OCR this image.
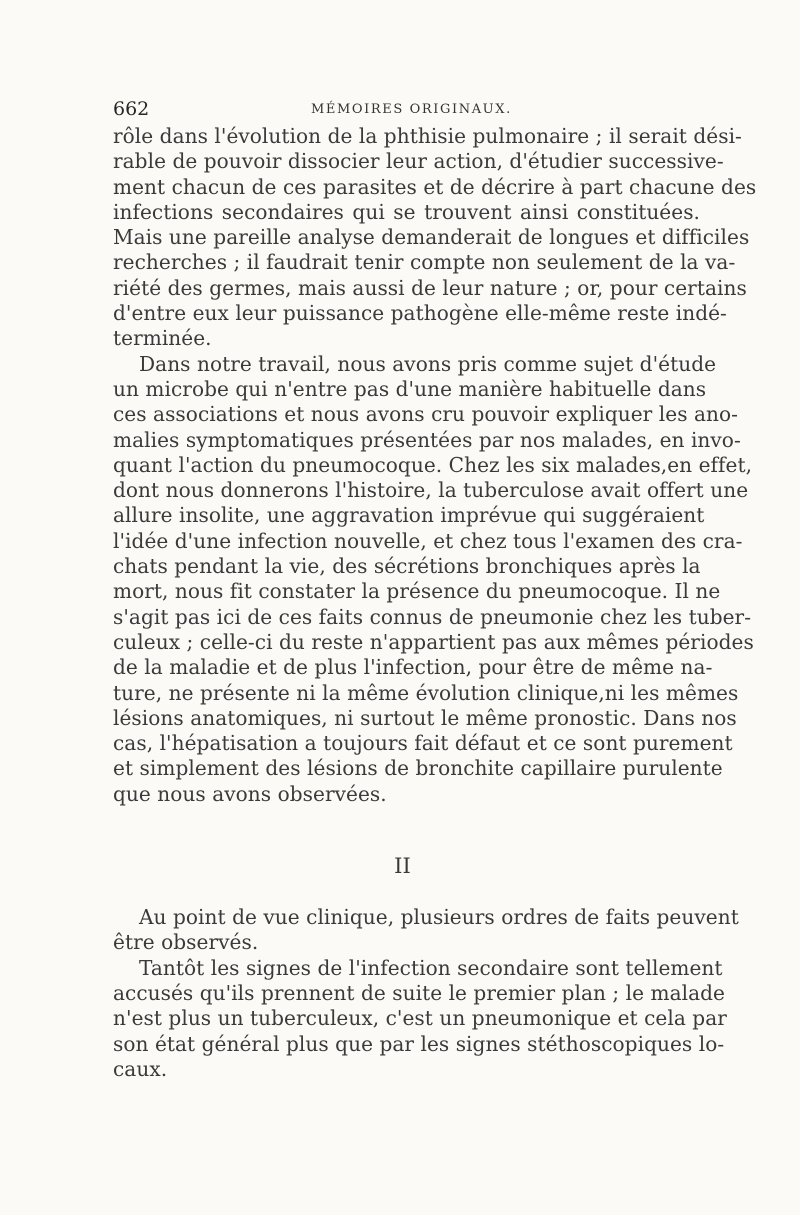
662	MÉMOIRES ORIGINAUX.
rôle dans l'évolution de la phthisie pulmonaire ; il serait dési-
rable de pouvoir dissocier leur action, d'étudier successive-
ment chacun de ces parasites et de décrire à part chacune des
infections secondaires qui se trouvent ainsi constituées.
Mais une pareille analyse demanderait de longues et difficiles
recherches ; il faudrait tenir compte non seulement de la va-
riété des germes, mais aussi de leur nature ; or, pour certains
d'entre eux leur puissance pathogène elle-même reste indé-
terminée.
Dans notre travail, nous avons pris comme sujet d'étude
un microbe qui n'entre pas d'une manière habituelle dans
ces associations et nous avons cru pouvoir expliquer les ano-
malies symptomatiques présentées par nos malades, en invo-
quant l'action du pneumocoque. Chez les six malades,en effet,
dont nous donnerons l'histoire, la tuberculose avait offert une
allure insolite, une aggravation imprévue qui suggéraient
l'idée d'une infection nouvelle, et chez tous l'examen des cra-
chats pendant la vie, des sécrétions bronchiques après la
mort, nous fit constater la présence du pneumocoque. Il ne
s'agit pas ici de ces faits connus de pneumonie chez les tuber-
culeux ; celle-ci du reste n'appartient pas aux mêmes périodes
de la maladie et de plus l'infection, pour être de même na-
ture, ne présente ni la même évolution clinique,ni les mêmes
lésions anatomiques, ni surtout le même pronostic. Dans nos
cas, l'hépatisation a toujours fait défaut et ce sont purement
et simplement des lésions de bronchite capillaire purulente
que nous avons observées.
II
Au point de vue clinique, plusieurs ordres de faits peuvent
être observés.
Tantôt les signes de l'infection secondaire sont tellement
accusés qu'ils prennent de suite le premier plan ; le malade
n'est plus un tuberculeux, c'est un pneumonique et cela par
son état général plus que par les signes stéthoscopiques lo-
caux.
